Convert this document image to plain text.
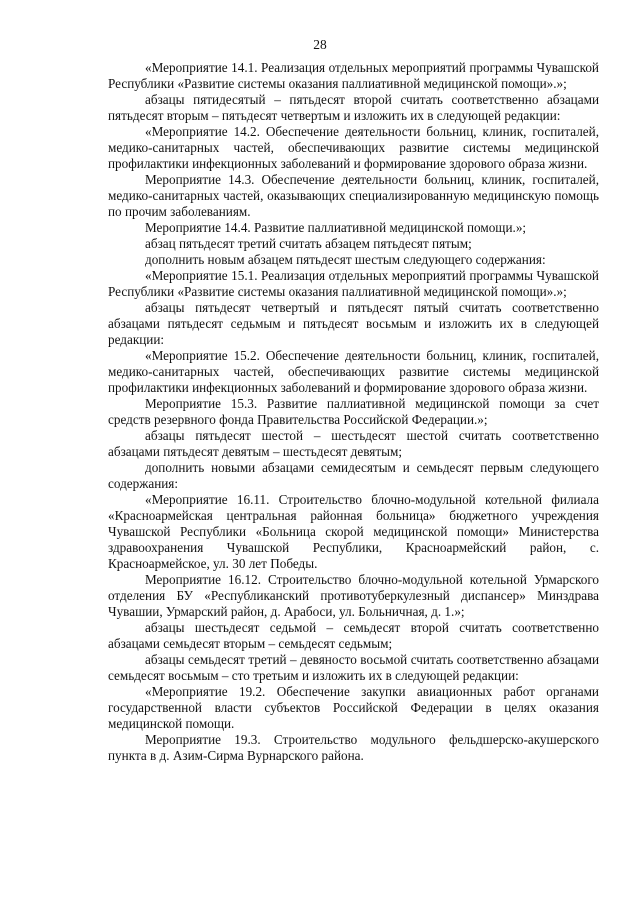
28

«Мероприятие 14.1. Реализация отдельных мероприятий программы Чувашской Республики «Развитие системы оказания паллиативной медицинской помощи».»;

абзацы пятидесятый – пятьдесят второй считать соответственно абзацами пятьдесят вторым – пятьдесят четвертым и изложить их в следующей редакции:

«Мероприятие 14.2. Обеспечение деятельности больниц, клиник, госпиталей, медико-санитарных частей, обеспечивающих развитие системы медицинской профилактики инфекционных заболеваний и формирование здорового образа жизни.

Мероприятие 14.3. Обеспечение деятельности больниц, клиник, госпиталей, медико-санитарных частей, оказывающих специализированную медицинскую помощь по прочим заболеваниям.

Мероприятие 14.4. Развитие паллиативной медицинской помощи.»;

абзац пятьдесят третий считать абзацем пятьдесят пятым;

дополнить новым абзацем пятьдесят шестым следующего содержания:

«Мероприятие 15.1. Реализация отдельных мероприятий программы Чувашской Республики «Развитие системы оказания паллиативной медицинской помощи».»;

абзацы пятьдесят четвертый и пятьдесят пятый считать соответственно абзацами пятьдесят седьмым и пятьдесят восьмым и изложить их в следующей редакции:

«Мероприятие 15.2. Обеспечение деятельности больниц, клиник, госпиталей, медико-санитарных частей, обеспечивающих развитие системы медицинской профилактики инфекционных заболеваний и формирование здорового образа жизни.

Мероприятие 15.3. Развитие паллиативной медицинской помощи за счет средств резервного фонда Правительства Российской Федерации.»;

абзацы пятьдесят шестой – шестьдесят шестой считать соответственно абзацами пятьдесят девятым – шестьдесят девятым;

дополнить новыми абзацами семидесятым и семьдесят первым следующего содержания:

«Мероприятие 16.11. Строительство блочно-модульной котельной филиала «Красноармейская центральная районная больница» бюджетного учреждения Чувашской Республики «Больница скорой медицинской помощи» Министерства здравоохранения Чувашской Республики, Красноармейский район, с. Красноармейское, ул. 30 лет Победы.

Мероприятие 16.12. Строительство блочно-модульной котельной Урмарского отделения БУ «Республиканский противотуберкулезный диспансер» Минздрава Чувашии, Урмарский район, д. Арабоси, ул. Больничная, д. 1.»;

абзацы шестьдесят седьмой – семьдесят второй считать соответственно абзацами семьдесят вторым – семьдесят седьмым;

абзацы семьдесят третий – девяносто восьмой считать соответственно абзацами семьдесят восьмым – сто третьим и изложить их в следующей редакции:

«Мероприятие 19.2. Обеспечение закупки авиационных работ органами государственной власти субъектов Российской Федерации в целях оказания медицинской помощи.

Мероприятие 19.3. Строительство модульного фельдшерско-акушерского пункта в д. Азим-Сирма Вурнарского района.
